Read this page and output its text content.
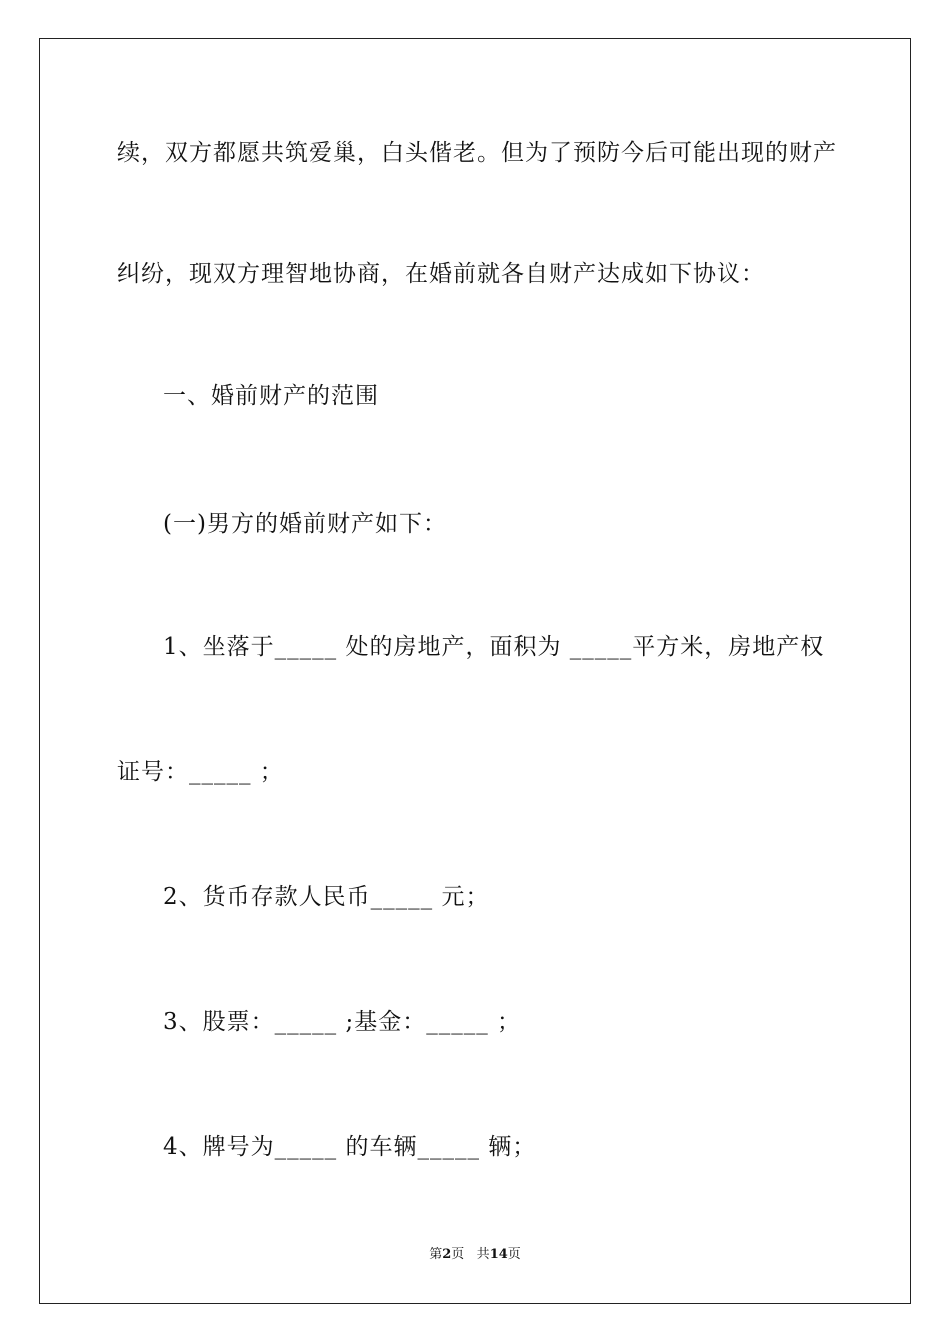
续，双方都愿共筑爱巢，白头偕老。但为了预防今后可能出现的财产
纠纷，现双方理智地协商，在婚前就各自财产达成如下协议：
一、婚前财产的范围
(一)男方的婚前财产如下：
1、坐落于_____ 处的房地产，面积为 _____平方米，房地产权
证号：_____ ；
2、货币存款人民币_____ 元；
3、股票：_____ ;基金：_____ ；
4、牌号为_____ 的车辆_____ 辆；
第2页 共14页
